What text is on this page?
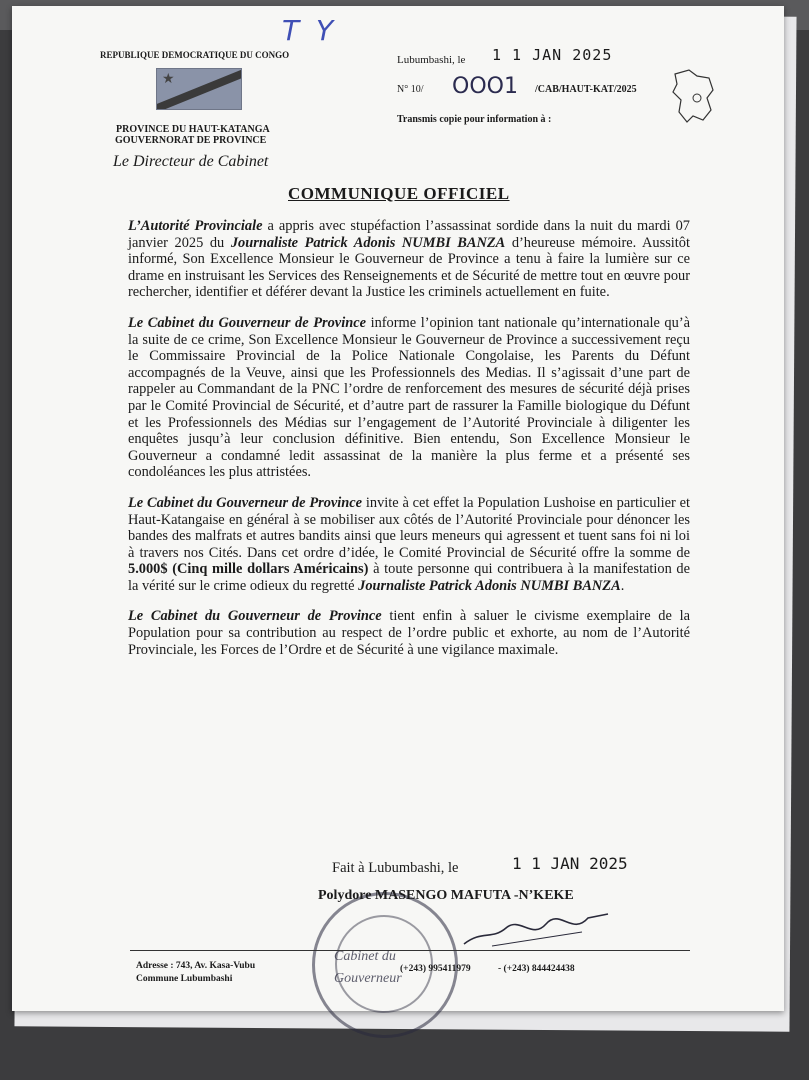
T Y
REPUBLIQUE DEMOCRATIQUE DU CONGO
★
PROVINCE DU HAUT-KATANGA
GOUVERNORAT DE PROVINCE
Le Directeur de Cabinet
Lubumbashi, le 1 1 JAN 2025
N° 10/ OOO1 /CAB/HAUT-KAT/2025
Transmis copie pour information à :
COMMUNIQUE OFFICIEL

L’Autorité Provinciale a appris avec stupéfaction l’assassinat sordide dans la nuit du mardi 07 janvier 2025 du Journaliste Patrick Adonis NUMBI BANZA d’heureuse mémoire. Aussitôt informé, Son Excellence Monsieur le Gouverneur de Province a tenu à faire la lumière sur ce drame en instruisant les Services des Renseignements et de Sécurité de mettre tout en œuvre pour rechercher, identifier et déférer devant la Justice les criminels actuellement en fuite.

Le Cabinet du Gouverneur de Province informe l’opinion tant nationale qu’internationale qu’à la suite de ce crime, Son Excellence Monsieur le Gouverneur de Province a successivement reçu le Commissaire Provincial de la Police Nationale Congolaise, les Parents du Défunt accompagnés de la Veuve, ainsi que les Professionnels des Medias. Il s’agissait d’une part de rappeler au Commandant de la PNC l’ordre de renforcement des mesures de sécurité déjà prises par le Comité Provincial de Sécurité, et d’autre part de rassurer la Famille biologique du Défunt et les Professionnels des Médias sur l’engagement de l’Autorité Provinciale à diligenter les enquêtes jusqu’à leur conclusion définitive. Bien entendu, Son Excellence Monsieur le Gouverneur a condamné ledit assassinat de la manière la plus ferme et a présenté ses condoléances les plus attristées.

Le Cabinet du Gouverneur de Province invite à cet effet la Population Lushoise en particulier et Haut-Katangaise en général à se mobiliser aux côtés de l’Autorité Provinciale pour dénoncer les bandes des malfrats et autres bandits ainsi que leurs meneurs qui agressent et tuent sans foi ni loi à travers nos Cités. Dans cet ordre d’idée, le Comité Provincial de Sécurité offre la somme de 5.000$ (Cinq mille dollars Américains) à toute personne qui contribuera à la manifestation de la vérité sur le crime odieux du regretté Journaliste Patrick Adonis NUMBI BANZA.

Le Cabinet du Gouverneur de Province tient enfin à saluer le civisme exemplaire de la Population pour sa contribution au respect de l’ordre public et exhorte, au nom de l’Autorité Provinciale, les Forces de l’Ordre et de Sécurité à une vigilance maximale.

Fait à Lubumbashi, le	1 1 JAN 2025
Polydore MASENGO MAFUTA -N’KEKE
Cabinet du
Gouverneur
Adresse : 743, Av. Kasa-Vubu
Commune Lubumbashi
(+243) 995411979	- (+243) 844424438
